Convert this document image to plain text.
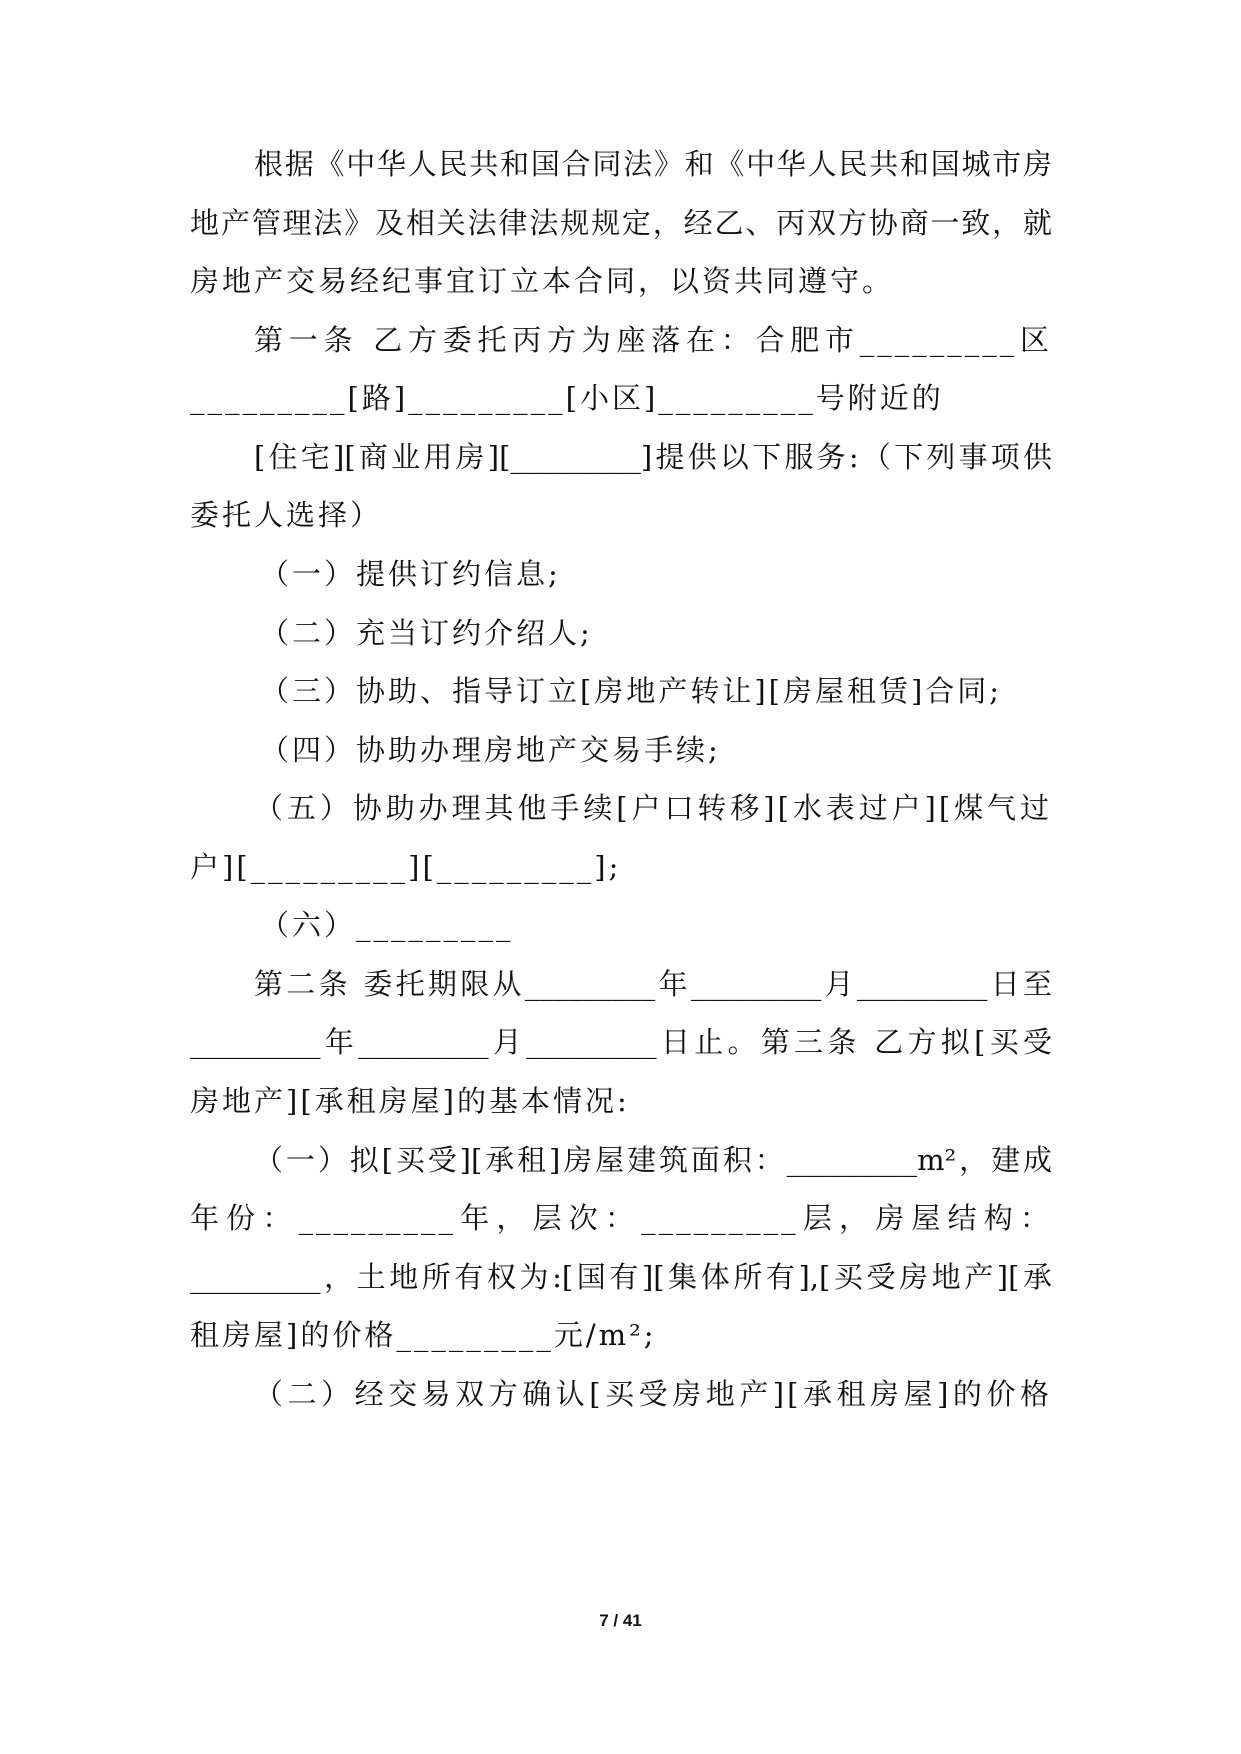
根据《中华人民共和国合同法》和《中华人民共和国城市房
地产管理法》及相关法律法规规定，经乙、丙双方协商一致，就
房地产交易经纪事宜订立本合同，以资共同遵守。
第一条 乙方委托丙方为座落在：合肥市_________区
_________[路]_________[小区]_________号附近的
[住宅][商业用房][_________]提供以下服务:（下列事项供
委托人选择）
（一）提供订约信息;
（二）充当订约介绍人;
（三）协助、指导订立[房地产转让][房屋租赁]合同;
（四）协助办理房地产交易手续;
（五）协助办理其他手续[户口转移][水表过户][煤气过
户][_________][_________];
（六）_________
第二条 委托期限从_________年_________月_________日至
_________年_________月_________日止。第三条 乙方拟[买受
房地产][承租房屋]的基本情况:
（一）拟[买受][承租]房屋建筑面积：_________m²，建成
年份：_________年，层次：_________层，房屋结构：
_________，土地所有权为:[国有][集体所有],[买受房地产][承
租房屋]的价格_________元/m²;
（二）经交易双方确认[买受房地产][承租房屋]的价格
7 / 41
